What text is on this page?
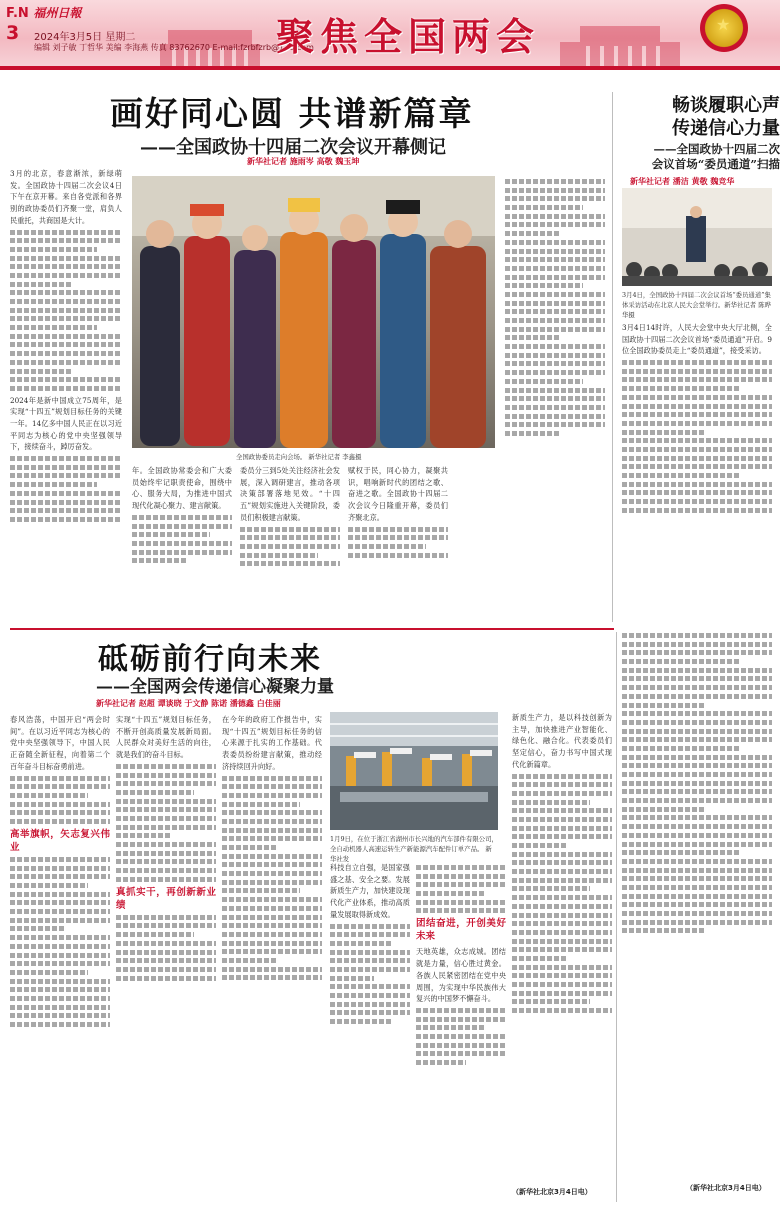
F.N 福州日報
3 2024年3月5日 星期二
编辑 刘子敏 丁哲华 美编 李海燕 传真 83762670 E-mail:fzrbfzrb@126.com
聚焦全国两会	★
画好同心圆 共谱新篇章
——全国政协十四届二次会议开幕侧记
新华社记者 施雨岑 高敬 魏玉坤
3月的北京，春意渐浓，新绿萌发。全国政协十四届二次会议4日下午在京开幕。来自各党派和各界别的政协委员们齐聚一堂，肩负人民重托，共商国是大计。
2024年是新中国成立75周年，是实现“十四五”规划目标任务的关键一年。14亿多中国人民正在以习近平同志为核心的党中央坚强领导下，接续奋斗，踔厉奋发。
全国政协委员走向会场。 新华社记者 李鑫摄
年。全国政协常委会和广大委员始终牢记职责使命，围绕中心、服务大局，为推进中国式现代化凝心聚力、建言献策。
委员分三到5处关注经济社会发展，深入调研建言，推动各项决策部署落地见效。“十四五”规划实施进入关键阶段，委员们积极建言献策。
赋权于民，同心协力，凝聚共识，唱响新时代的团结之歌、奋进之歌。全国政协十四届二次会议今日隆重开幕，委员们齐聚北京。
畅谈履职心声
传递信心力量
——全国政协十四届二次
会议首场“委员通道”扫描
新华社记者 潘洁 黄敬 魏竞华
3月4日，全国政协十四届二次会议首场“委员通道”集体采访活动在北京人民大会堂举行。新华社记者 陈晔华摄
3月4日14时许，人民大会堂中央大厅北侧，全国政协十四届二次会议首场“委员通道”开启。9位全国政协委员走上“委员通道”，接受采访。
（新华社北京3月4日电）
砥砺前行向未来
——全国两会传递信心凝聚力量
新华社记者 赵超 谭谈晓 于文静 陈诺 潘德鑫 白佳丽
春风浩荡，中国开启“两会时间”。在以习近平同志为核心的党中央坚强领导下，中国人民正奋随全新征程，向着第二个百年奋斗目标奋勇前进。
高举旗帜，矢志复兴伟业
实现“十四五”规划目标任务，不断开创高质量发展新局面。人民群众对美好生活的向往，就是我们的奋斗目标。
真抓实干，再创新新业绩
在今年的政府工作报告中，实现“十四五”规划目标任务的信心来源于扎实的工作基础。代表委员纷纷建言献策，推动经济持续回升向好。
1月9日，在位于浙江省湖州市长兴地的汽车部件有限公司，全自动机器人高速运转生产新能源汽车配件订单产品。 新华社发
科技自立自强，是国家强盛之基、安全之要。发展新质生产力，加快建设现代化产业体系，推动高质量发展取得新成效。
团结奋进，开创美好未来
天地英雄，众志成城。团结就是力量，信心胜过黄金。各族人民紧密团结在党中央周围，为实现中华民族伟大复兴的中国梦不懈奋斗。
新质生产力，是以科技创新为主导，加快推进产业智能化、绿色化、融合化。代表委员们坚定信心，奋力书写中国式现代化新篇章。
（新华社北京3月4日电）
